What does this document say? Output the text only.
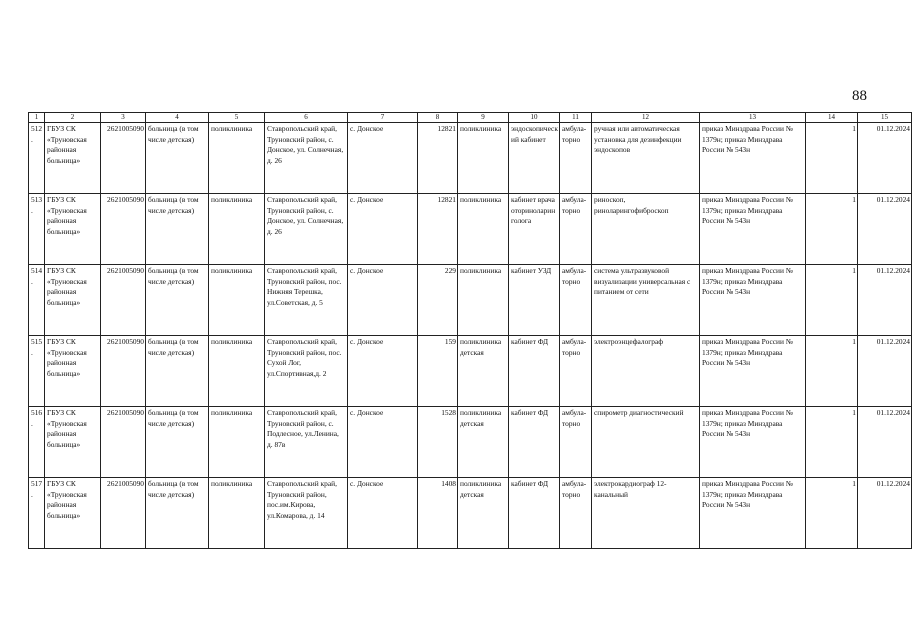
88
1	2	3	4	5	6	7	8	9	10	11	12	13	14	15
512.	ГБУЗ СК «Труновская районная больница»	2621005090	больница (в том числе детская)	поликлиника	Ставропольский край, Труновский район, с. Донское, ул. Солнечная, д. 26	с. Донское	12821	поликлиника	эндоскопический кабинет	амбула-торно	ручная или автоматическая установка для дезинфекции эндоскопов	приказ Минздрава России № 1379н; приказ Минздрава России № 543н	1	01.12.2024
513.	ГБУЗ СК «Труновская районная больница»	2621005090	больница (в том числе детская)	поликлиника	Ставропольский край, Труновский район, с. Донское, ул. Солнечная, д. 26	с. Донское	12821	поликлиника	кабинет врача оториноларинголога	амбула-торно	риноскоп, риноларингофиброскоп	приказ Минздрава России № 1379н; приказ Минздрава России № 543н	1	01.12.2024
514.	ГБУЗ СК «Труновская районная больница»	2621005090	больница (в том числе детская)	поликлиника	Ставропольский край, Труновский район, пос. Нижняя Терешка, ул.Советская, д. 5	с. Донское	229	поликлиника	кабинет УЗД	амбула-торно	система ультразвуковой визуализации универсальная с питанием от сети	приказ Минздрава России № 1379н; приказ Минздрава России № 543н	1	01.12.2024
515.	ГБУЗ СК «Труновская районная больница»	2621005090	больница (в том числе детская)	поликлиника	Ставропольский край, Труновский район, пос. Сухой Лог, ул.Спортивная,д. 2	с. Донское	159	поликлиника детская	кабинет ФД	амбула-торно	электроэнцефалограф	приказ Минздрава России № 1379н; приказ Минздрава России № 543н	1	01.12.2024
516.	ГБУЗ СК «Труновская районная больница»	2621005090	больница (в том числе детская)	поликлиника	Ставропольский край, Труновский район, с. Подлесное, ул.Ленина, д. 87в	с. Донское	1528	поликлиника детская	кабинет ФД	амбула-торно	спирометр диагностический	приказ Минздрава России № 1379н; приказ Минздрава России № 543н	1	01.12.2024
517.	ГБУЗ СК «Труновская районная больница»	2621005090	больница (в том числе детская)	поликлиника	Ставропольский край, Труновский район, пос.им.Кирова, ул.Комарова, д. 14	с. Донское	1408	поликлиника детская	кабинет ФД	амбула-торно	электрокардиограф 12-канальный	приказ Минздрава России № 1379н; приказ Минздрава России № 543н	1	01.12.2024
